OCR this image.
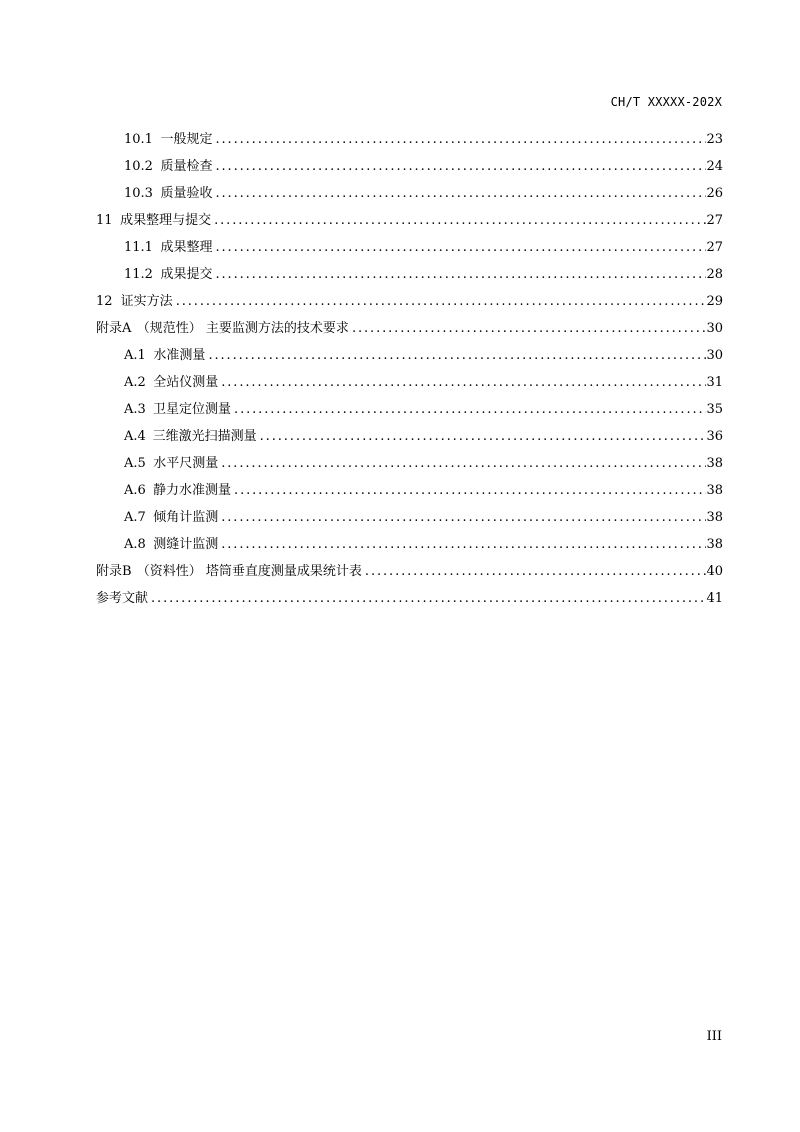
CH/T XXXXX-202X
10.1 一般规定 .....	23
10.2 质量检查 .....	24
10.3 质量验收 .....	26
11 成果整理与提交 .....	27
11.1 成果整理 .....	27
11.2 成果提交 .....	28
12 证实方法 .....	29
附录A （规范性） 主要监测方法的技术要求 .....	30
A.1 水准测量 .....	30
A.2 全站仪测量 .....	31
A.3 卫星定位测量 .....	35
A.4 三维激光扫描测量 .....	36
A.5 水平尺测量 .....	38
A.6 静力水准测量 .....	38
A.7 倾角计监测 .....	38
A.8 测缝计监测 .....	38
附录B （资料性） 塔筒垂直度测量成果统计表 .....	40
参考文献 .....	41
III
